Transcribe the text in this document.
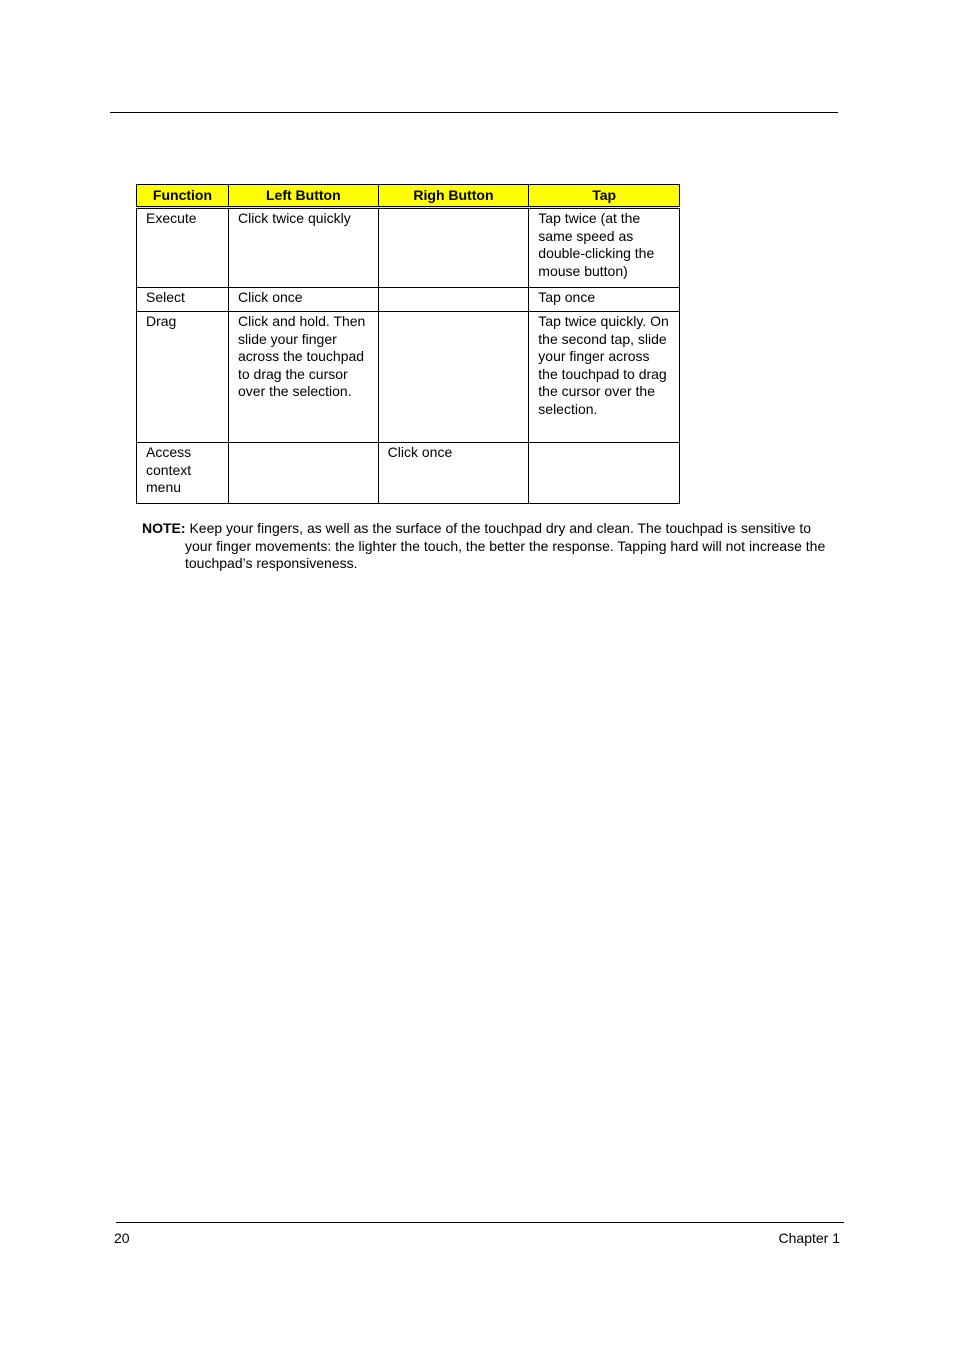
Function	Left Button	Righ Button	Tap
Execute	Click twice quickly		Tap twice (at the same speed as double-clicking the mouse button)
Select	Click once		Tap once
Drag	Click and hold. Then slide your finger across the touchpad to drag the cursor over the selection.		Tap twice quickly. On the second tap, slide your finger across the touchpad to drag the cursor over the selection.
Access context menu		Click once	
NOTE: Keep your fingers, as well as the surface of the touchpad dry and clean. The touchpad is sensitive to your finger movements: the lighter the touch, the better the response. Tapping hard will not increase the touchpad’s responsiveness.
20	Chapter 1
